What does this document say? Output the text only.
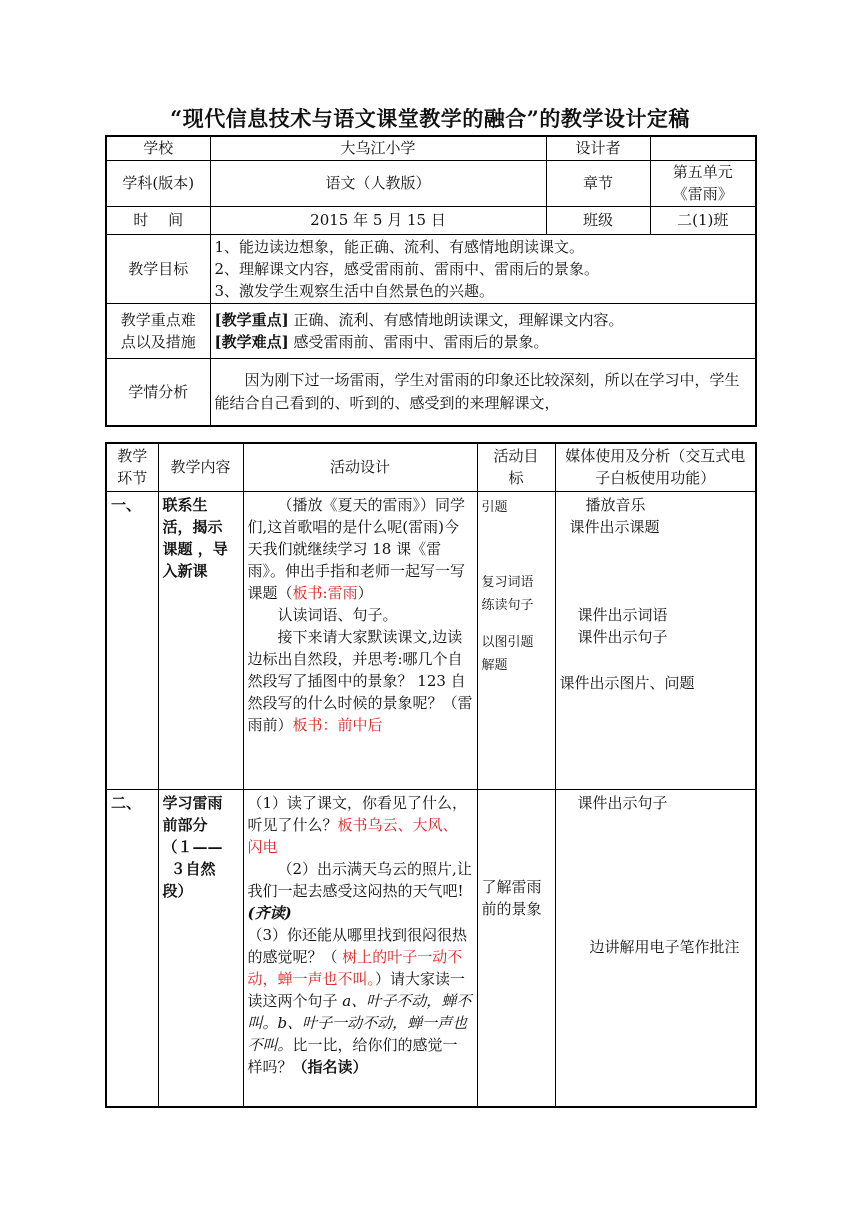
“现代信息技术与语文课堂教学的融合”的教学设计定稿
学校	大乌江小学	设计者	
学科(版本)	语文（人教版）	章节	第五单元
《雷雨》

时　 间	2015 年 5 月 15 日	班级	二(1)班
教学目标	1、能边读边想象，能正确、流利、有感情地朗读课文。
2、理解课文内容，感受雷雨前、雷雨中、雷雨后的景象。
3、激发学生观察生活中自然景色的兴趣。		

教学重点难
点以及措施	[教学重点] 正确、流利、有感情地朗读课文，理解课文内容。
[教学难点] 感受雷雨前、雷雨中、雷雨后的景象。		

学情分析	因为刚下过一场雷雨，学生对雷雨的印象还比较深刻，所以在学习中，学生能结合自己看到的、听到的、感受到的来理解课文，		
教学
环节	教学内容	活动设计	活动目
标	媒体使用及分析（交互式电子白板使用功能）
一、	联系生
活，揭示
课题 ，导
入新课	（播放《夏天的雷雨》）同学们,这首歌唱的是什么呢(雷雨)今天我们就继续学习 18 课《雷雨》。伸出手指和老师一起写一写课题（板书:雷雨）
认读词语、句子。
接下来请大家默读课文,边读边标出自然段，并思考:哪几个自然段写了插图中的景象？ 123 自然段写的什么时候的景象呢？（雷雨前）板书：前中后	引题
复习词语
练读句子
以图引题
解题	播放音乐
课件出示课题
课件出示词语
课件出示句子
课件出示图片、问题

二、	学习雷雨
前部分
（１——
３自然
段）	（1）读了课文，你看见了什么，听见了什么？板书乌云、大风、闪电
（2）出示满天乌云的照片,让我们一起去感受这闷热的天气吧!(齐读)
（3）你还能从哪里找到很闷很热的感觉呢？（ 树上的叶子一动不动，蝉一声也不叫。）请大家读一读这两个句子 a、叶子不动，蝉不叫。b、叶子一动不动，蝉一声也不叫。比一比，给你们的感觉一样吗？（指名读）	了解雷雨前的景象	课件出示句子
边讲解用电子笔作批注
